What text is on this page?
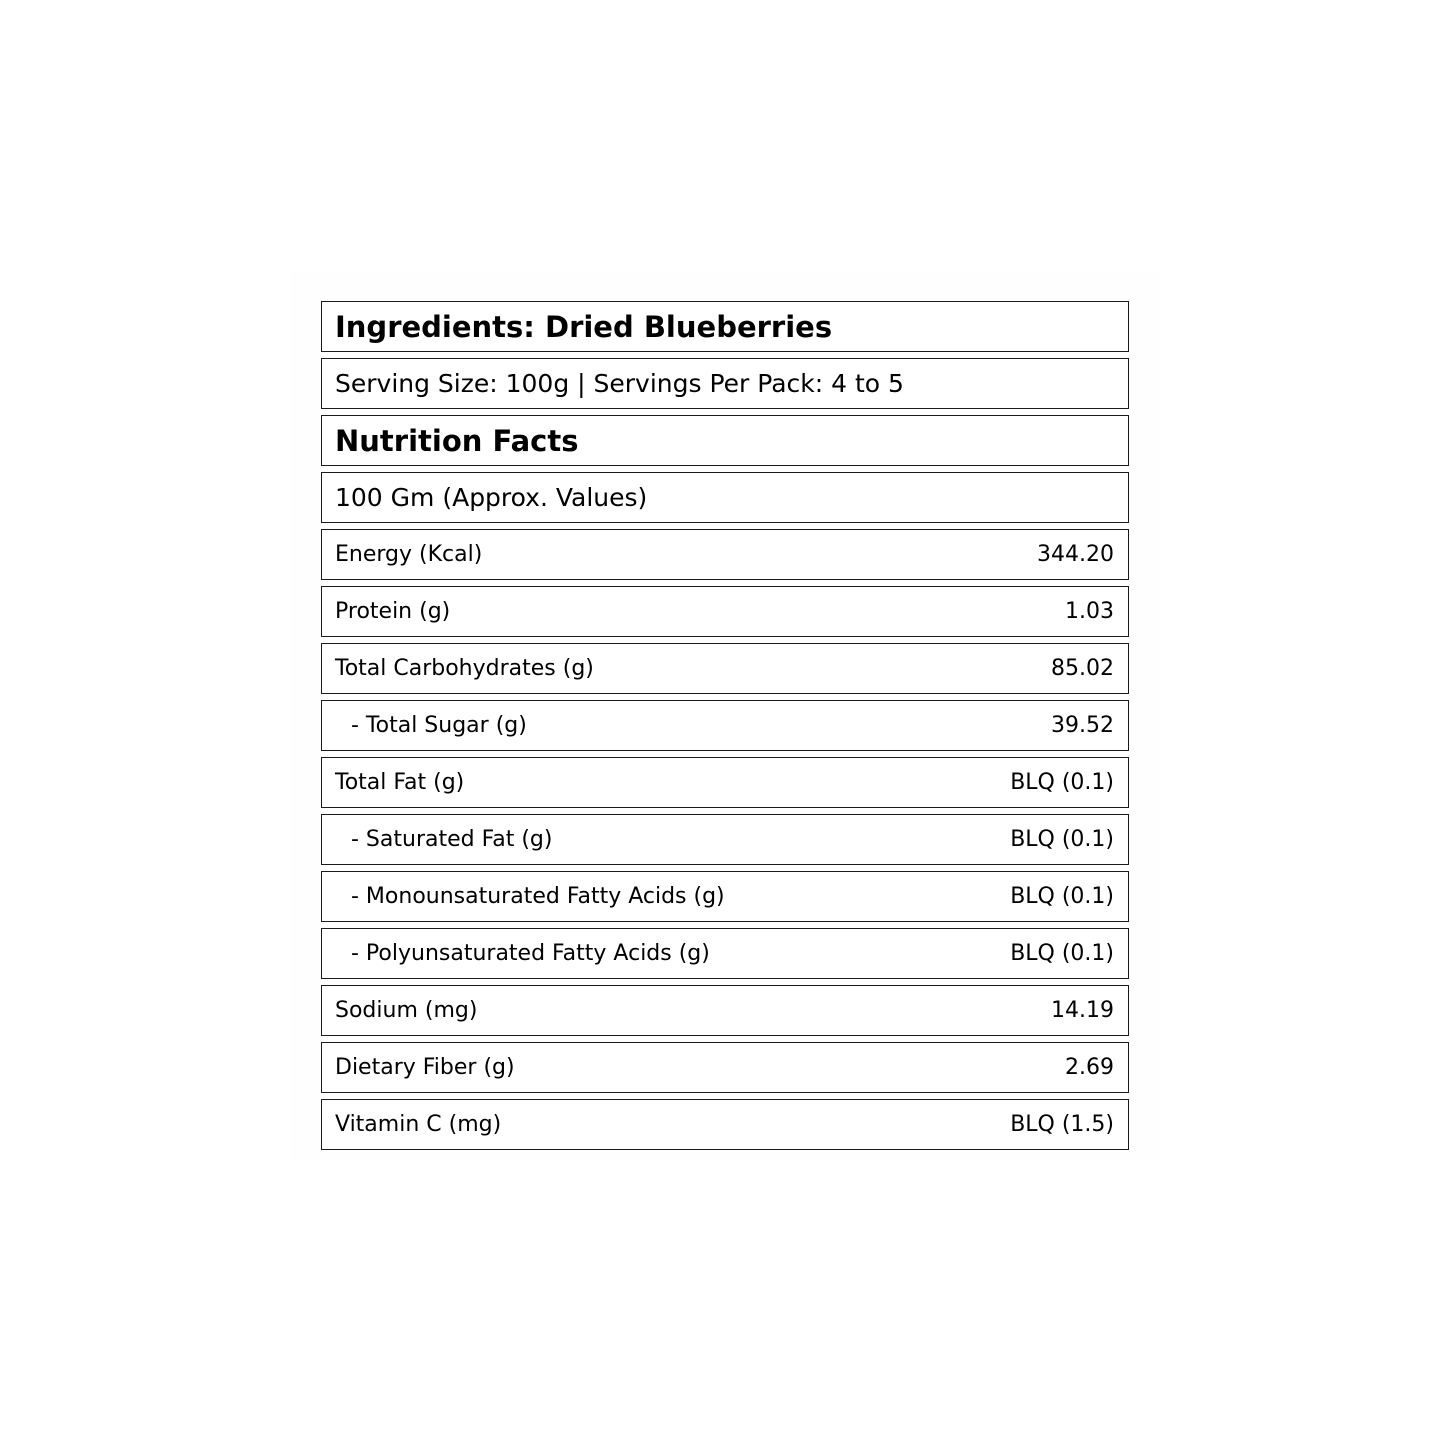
Ingredients: Dried Blueberries
Serving Size: 100g | Servings Per Pack: 4 to 5
Nutrition Facts
100 Gm (Approx. Values)
Energy (Kcal)	344.20
Protein (g)	1.03
Total Carbohydrates (g)	85.02
- Total Sugar (g)	39.52
Total Fat (g)	BLQ (0.1)
- Saturated Fat (g)	BLQ (0.1)
- Monounsaturated Fatty Acids (g)	BLQ (0.1)
- Polyunsaturated Fatty Acids (g)	BLQ (0.1)
Sodium (mg)	14.19
Dietary Fiber (g)	2.69
Vitamin C (mg)	BLQ (1.5)
